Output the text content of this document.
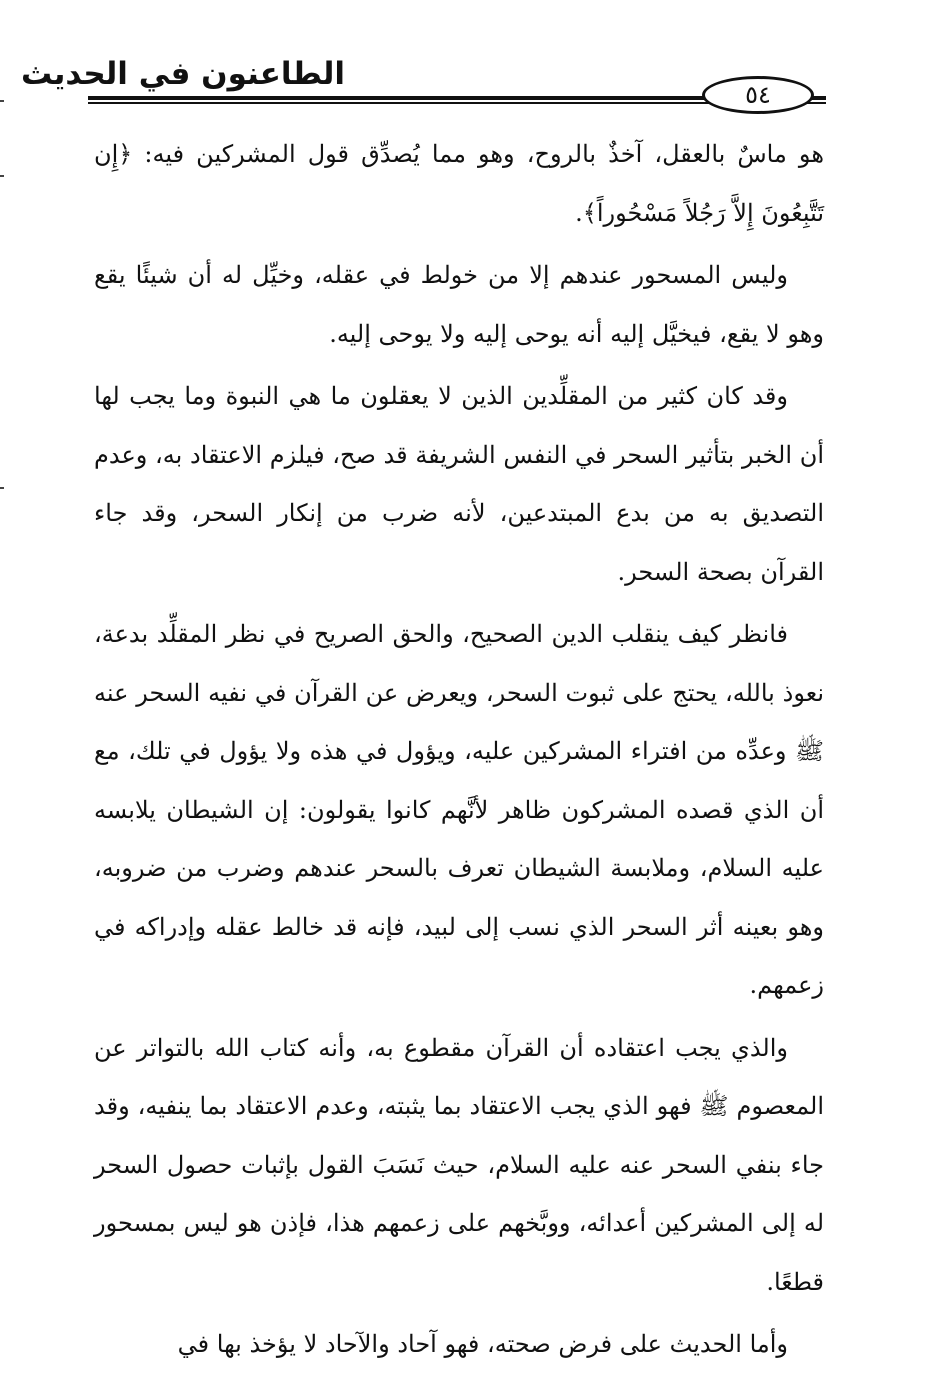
الطاعنون في الحديث
٥٤

هو ماسٌ بالعقل، آخذٌ بالروح، وهو مما يُصدِّق قول المشركين فيه: ﴿إِن تَتَّبِعُونَ إِلاَّ رَجُلاً مَسْحُوراً﴾.

وليس المسحور عندهم إلا من خولط في عقله، وخيِّل له أن شيئًا يقع وهو لا يقع، فيخيَّل إليه أنه يوحى إليه ولا يوحى إليه.

وقد كان كثير من المقلِّدين الذين لا يعقلون ما هي النبوة وما يجب لها أن الخبر بتأثير السحر في النفس الشريفة قد صح، فيلزم الاعتقاد به، وعدم التصديق به من بدع المبتدعين، لأنه ضرب من إنكار السحر، وقد جاء القرآن بصحة السحر.

فانظر كيف ينقلب الدين الصحيح، والحق الصريح في نظر المقلِّد بدعة، نعوذ بالله، يحتج على ثبوت السحر، ويعرض عن القرآن في نفيه السحر عنه ﷺ وعدِّه من افتراء المشركين عليه، ويؤول في هذه ولا يؤول في تلك، مع أن الذي قصده المشركون ظاهر لأنَّهم كانوا يقولون: إن الشيطان يلابسه عليه السلام، وملابسة الشيطان تعرف بالسحر عندهم وضرب من ضروبه، وهو بعينه أثر السحر الذي نسب إلى لبيد، فإنه قد خالط عقله وإدراكه في زعمهم.

والذي يجب اعتقاده أن القرآن مقطوع به، وأنه كتاب الله بالتواتر عن المعصوم ﷺ فهو الذي يجب الاعتقاد بما يثبته، وعدم الاعتقاد بما ينفيه، وقد جاء بنفي السحر عنه عليه السلام، حيث نَسَبَ القول بإثبات حصول السحر له إلى المشركين أعدائه، ووبَّخهم على زعمهم هذا، فإذن هو ليس بمسحور قطعًا.

وأما الحديث على فرض صحته، فهو آحاد والآحاد لا يؤخذ بها في
